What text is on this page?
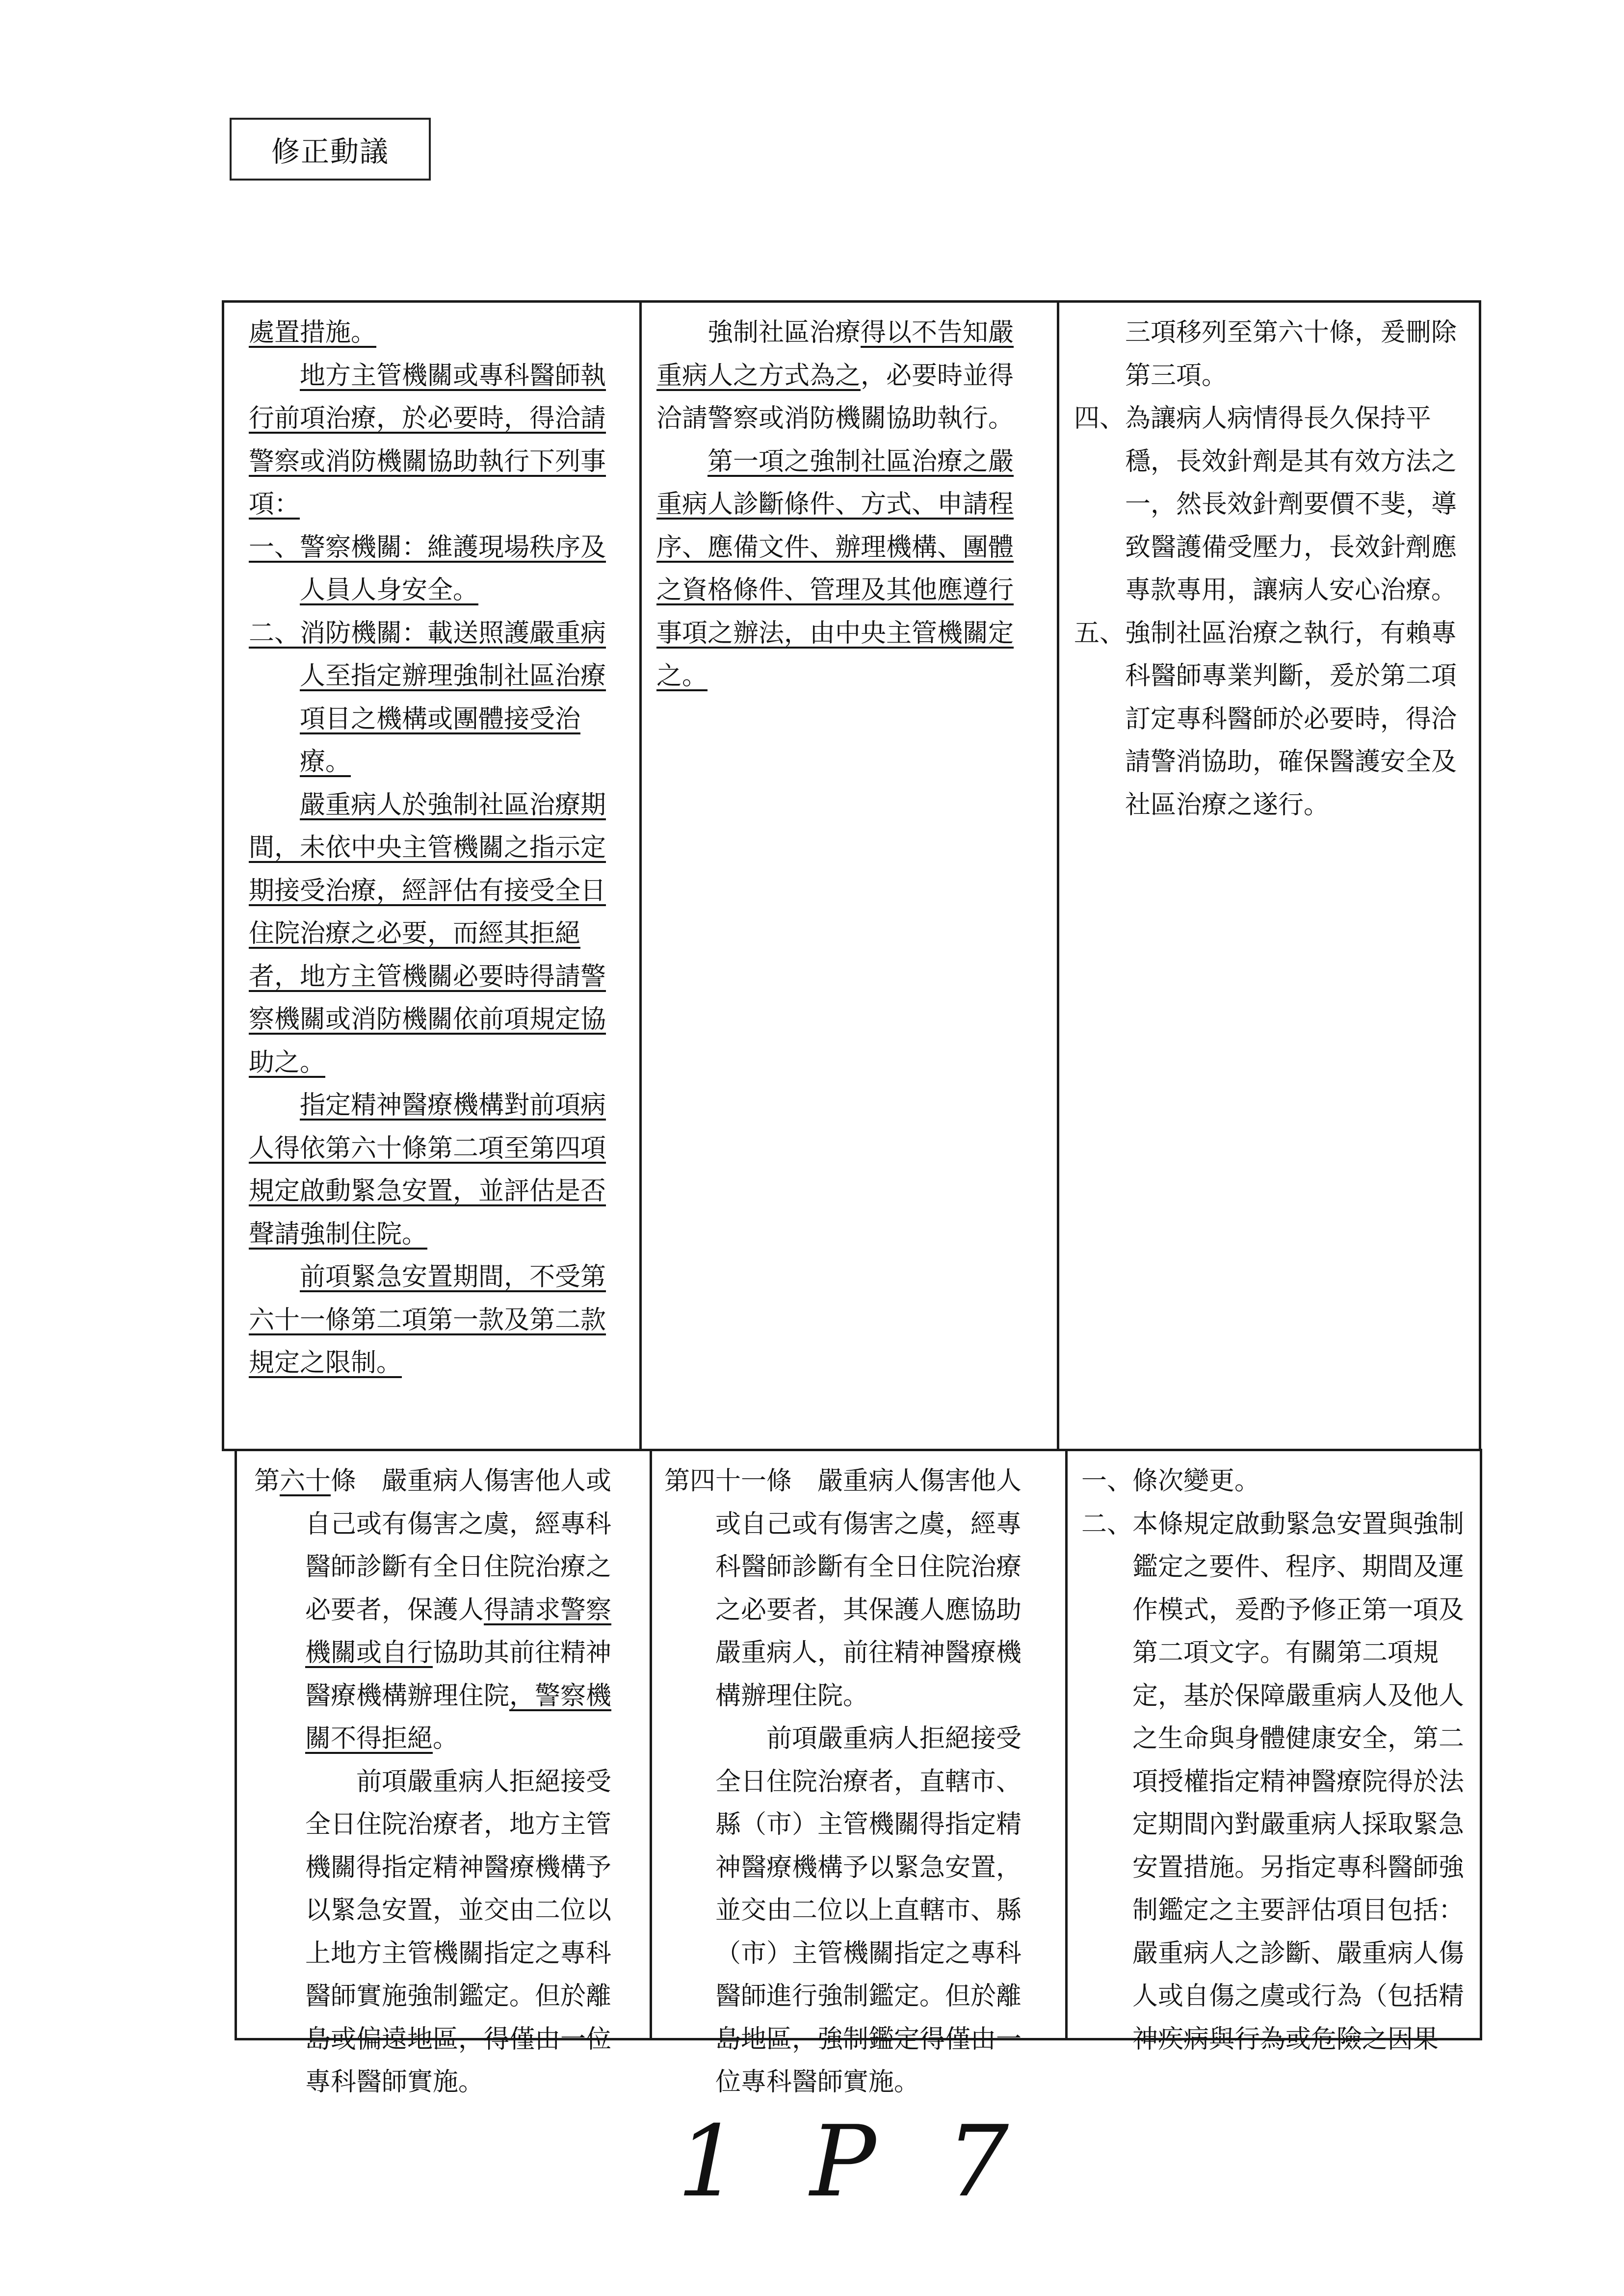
修正動議

處置措施。

地方主管機關或專科醫師執行前項治療，於必要時，得洽請警察或消防機關協助執行下列事項：

一、警察機關：維護現場秩序及人員人身安全。

二、消防機關：載送照護嚴重病人至指定辦理強制社區治療項目之機構或團體接受治療。

嚴重病人於強制社區治療期間，未依中央主管機關之指示定期接受治療，經評估有接受全日住院治療之必要，而經其拒絕者，地方主管機關必要時得請警察機關或消防機關依前項規定協助之。

指定精神醫療機構對前項病人得依第六十條第二項至第四項規定啟動緊急安置，並評估是否聲請強制住院。

前項緊急安置期間，不受第六十一條第二項第一款及第二款規定之限制。

強制社區治療得以不告知嚴重病人之方式為之，必要時並得洽請警察或消防機關協助執行。

第一項之強制社區治療之嚴重病人診斷條件、方式、申請程序、應備文件、辦理機構、團體之資格條件、管理及其他應遵行事項之辦法，由中央主管機關定之。

三項移列至第六十條，爰刪除第三項。

四、為讓病人病情得長久保持平穩，長效針劑是其有效方法之一，然長效針劑要價不斐，導致醫護備受壓力，長效針劑應專款專用，讓病人安心治療。

五、強制社區治療之執行，有賴專科醫師專業判斷，爰於第二項訂定專科醫師於必要時，得洽請警消協助，確保醫護安全及社區治療之遂行。

第六十條　嚴重病人傷害他人或自己或有傷害之虞，經專科醫師診斷有全日住院治療之必要者，保護人得請求警察機關或自行協助其前往精神醫療機構辦理住院，警察機關不得拒絕。

前項嚴重病人拒絕接受全日住院治療者，地方主管機關得指定精神醫療機構予以緊急安置，並交由二位以上地方主管機關指定之專科醫師實施強制鑑定。但於離島或偏遠地區，得僅由一位專科醫師實施。

第四十一條　嚴重病人傷害他人或自己或有傷害之虞，經專科醫師診斷有全日住院治療之必要者，其保護人應協助嚴重病人，前往精神醫療機構辦理住院。

前項嚴重病人拒絕接受全日住院治療者，直轄市、縣（市）主管機關得指定精神醫療機構予以緊急安置，並交由二位以上直轄市、縣（市）主管機關指定之專科醫師進行強制鑑定。但於離島地區，強制鑑定得僅由一位專科醫師實施。

一、條次變更。

二、本條規定啟動緊急安置與強制鑑定之要件、程序、期間及運作模式，爰酌予修正第一項及第二項文字。有關第二項規定，基於保障嚴重病人及他人之生命與身體健康安全，第二項授權指定精神醫療院得於法定期間內對嚴重病人採取緊急安置措施。另指定專科醫師強制鑑定之主要評估項目包括：嚴重病人之診斷、嚴重病人傷人或自傷之虞或行為（包括精神疾病與行為或危險之因果

1 P 7
